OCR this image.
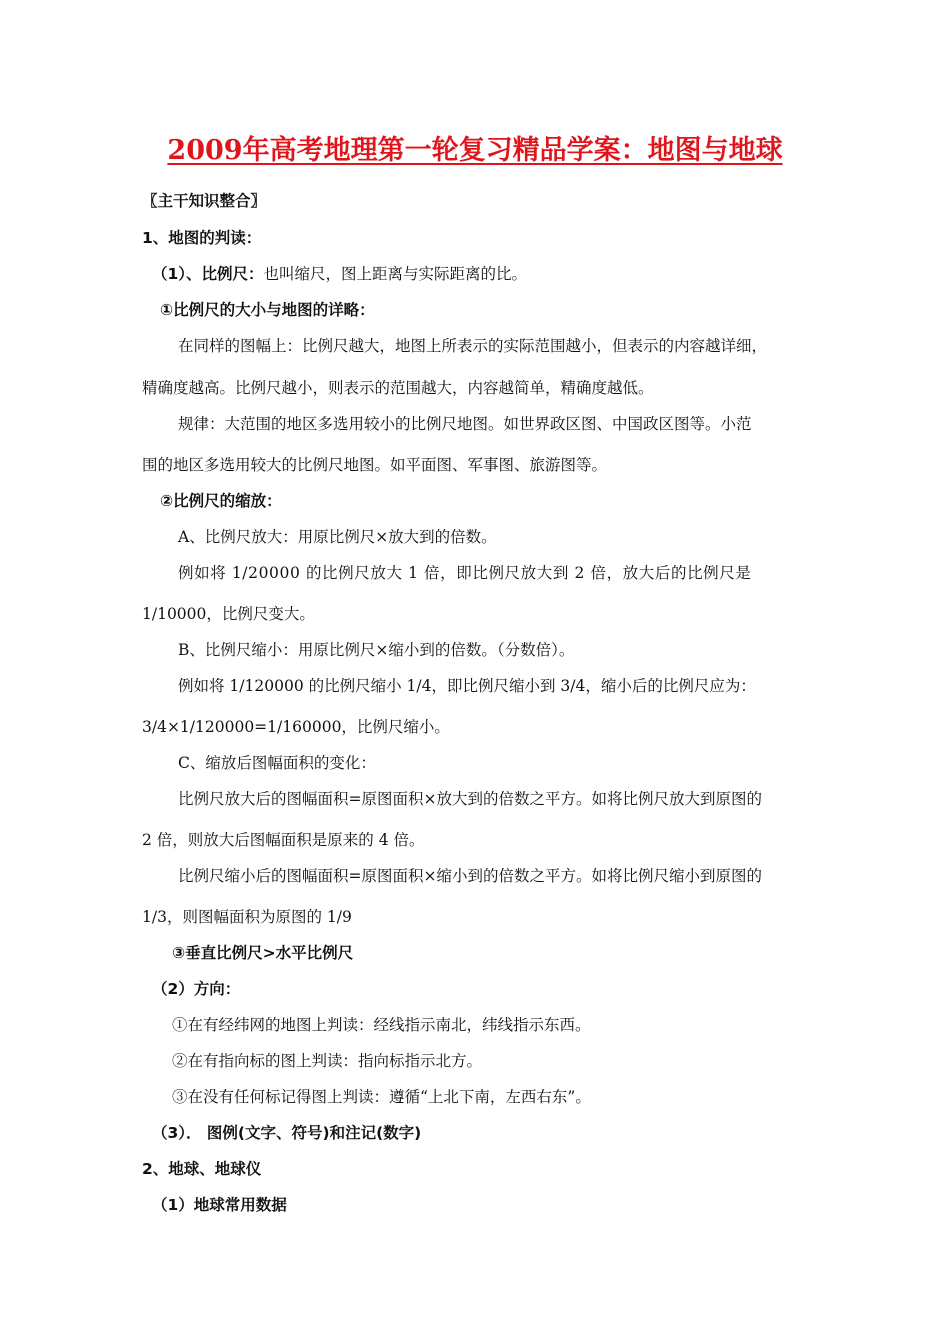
2009年高考地理第一轮复习精品学案：地图与地球
〖主干知识整合〗
1、地图的判读：
（1）、比例尺：也叫缩尺，图上距离与实际距离的比。
①比例尺的大小与地图的详略：
在同样的图幅上：比例尺越大，地图上所表示的实际范围越小，但表示的内容越详细，
精确度越高。比例尺越小，则表示的范围越大，内容越简单，精确度越低。
规律：大范围的地区多选用较小的比例尺地图。如世界政区图、中国政区图等。小范
围的地区多选用较大的比例尺地图。如平面图、军事图、旅游图等。
②比例尺的缩放：
A、比例尺放大：用原比例尺×放大到的倍数。
例如将 1/20000 的比例尺放大 1 倍，即比例尺放大到 2 倍，放大后的比例尺是
1/10000，比例尺变大。
B、比例尺缩小：用原比例尺×缩小到的倍数。（分数倍）。
例如将 1/120000 的比例尺缩小 1/4，即比例尺缩小到 3/4，缩小后的比例尺应为：
3/4×1/120000=1/160000，比例尺缩小。
C、缩放后图幅面积的变化：
比例尺放大后的图幅面积=原图面积×放大到的倍数之平方。如将比例尺放大到原图的
2 倍，则放大后图幅面积是原来的 4 倍。
比例尺缩小后的图幅面积=原图面积×缩小到的倍数之平方。如将比例尺缩小到原图的
1/3，则图幅面积为原图的 1/9
③垂直比例尺>水平比例尺
（2）方向：
①在有经纬网的地图上判读：经线指示南北，纬线指示东西。
②在有指向标的图上判读：指向标指示北方。
③在没有任何标记得图上判读：遵循“上北下南，左西右东”。
（3）． 图例(文字、符号)和注记(数字)
2、地球、地球仪
（1）地球常用数据
